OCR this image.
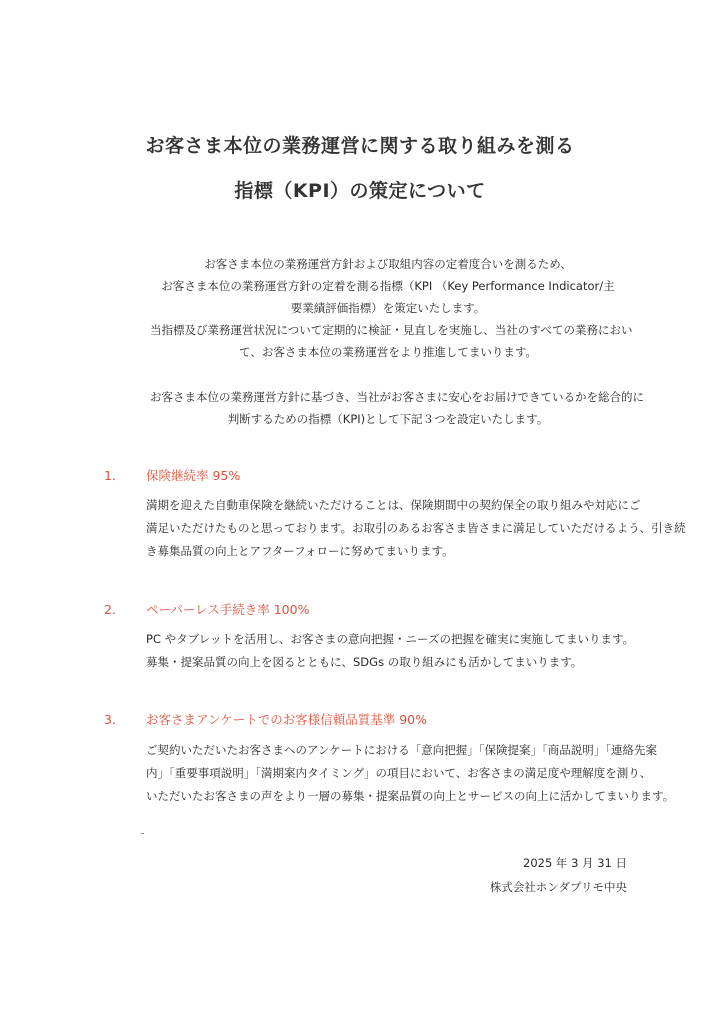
お客さま本位の業務運営に関する取り組みを測る
指標（KPI）の策定について

お客さま本位の業務運営方針および取組内容の定着度合いを測るため、
お客さま本位の業務運営方針の定着を測る指標（KPI （Key Performance Indicator/主
要業績評価指標）を策定いたします。
当指標及び業務運営状況について定期的に検証・見直しを実施し、当社のすべての業務におい
て、お客さま本位の業務運営をより推進してまいります。

お客さま本位の業務運営方針に基づき、当社がお客さまに安心をお届けできているかを総合的に
判断するための指標（KPI)として下記３つを設定いたします。

1． 保険継続率 95%

満期を迎えた自動車保険を継続いただけることは、保険期間中の契約保全の取り組みや対応にご
満足いただけたものと思っております。お取引のあるお客さま皆さまに満足していただけるよう、引き続
き募集品質の向上とアフターフォローに努めてまいります。

2． ペーパーレス手続き率 100%

PC やタブレットを活用し、お客さまの意向把握・ニーズの把握を確実に実施してまいります。
募集・提案品質の向上を図るとともに、SDGs の取り組みにも活かしてまいります。

3． お客さまアンケートでのお客様信頼品質基準 90%

ご契約いただいたお客さまへのアンケートにおける「意向把握」「保険提案」「商品説明」「連絡先案
内」「重要事項説明」「満期案内タイミング」の項目において、お客さまの満足度や理解度を測り、
いただいたお客さまの声をより一層の募集・提案品質の向上とサービスの向上に活かしてまいります。

2025 年 3 月 31 日

株式会社ホンダプリモ中央
